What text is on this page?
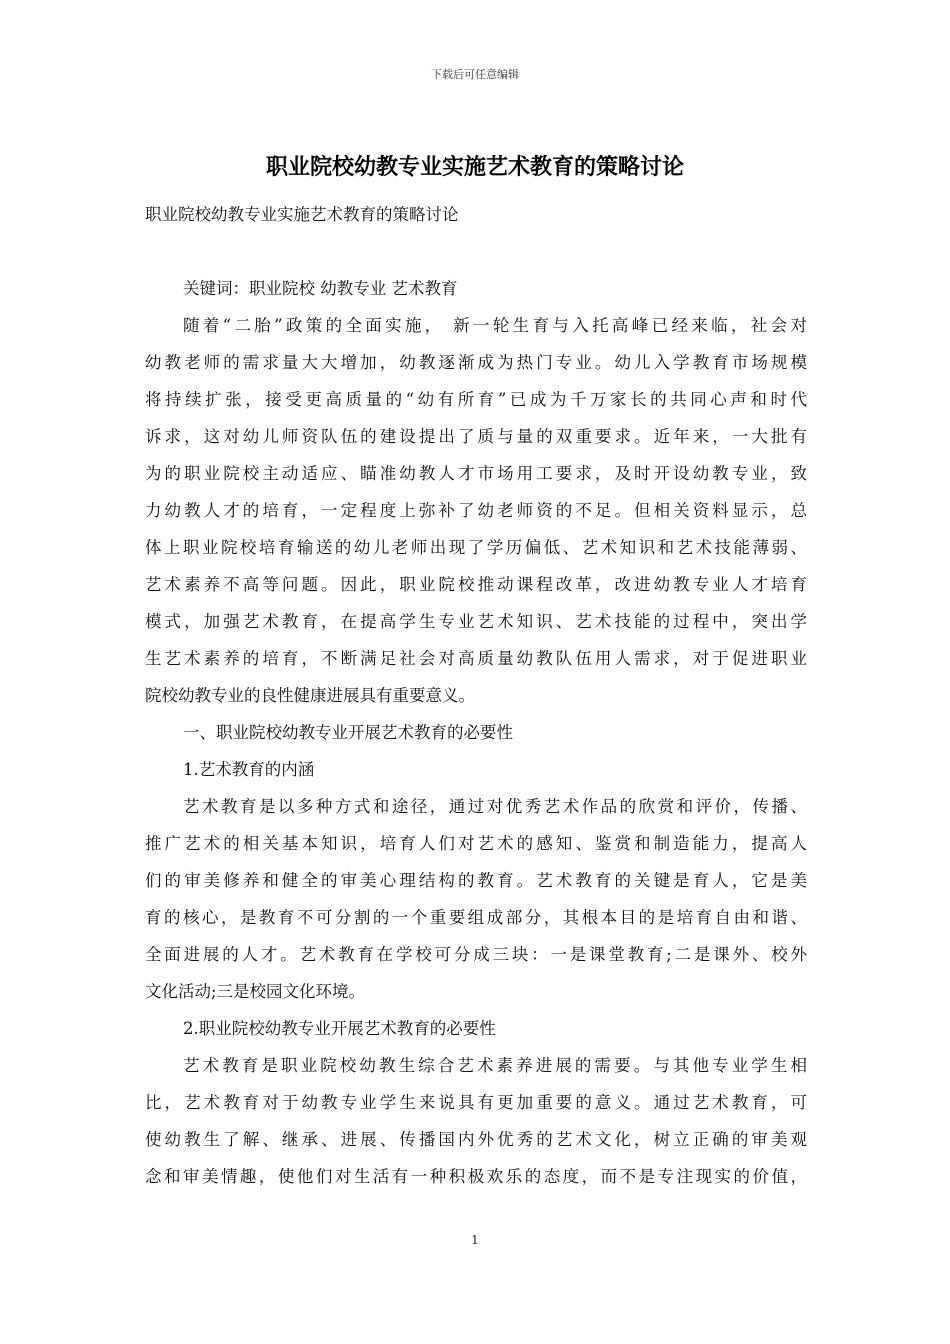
下载后可任意编辑
职业院校幼教专业实施艺术教育的策略讨论
职业院校幼教专业实施艺术教育的策略讨论
关键词：职业院校 幼教专业 艺术教育
随着“二胎”政策的全面实施， 新一轮生育与入托高峰已经来临，社会对
幼教老师的需求量大大增加，幼教逐渐成为热门专业。幼儿入学教育市场规模
将持续扩张，接受更高质量的“幼有所育”已成为千万家长的共同心声和时代
诉求，这对幼儿师资队伍的建设提出了质与量的双重要求。近年来，一大批有
为的职业院校主动适应、瞄准幼教人才市场用工要求，及时开设幼教专业，致
力幼教人才的培育，一定程度上弥补了幼老师资的不足。但相关资料显示，总
体上职业院校培育输送的幼儿老师出现了学历偏低、艺术知识和艺术技能薄弱、
艺术素养不高等问题。因此，职业院校推动课程改革，改进幼教专业人才培育
模式，加强艺术教育，在提高学生专业艺术知识、艺术技能的过程中，突出学
生艺术素养的培育，不断满足社会对高质量幼教队伍用人需求，对于促进职业
院校幼教专业的良性健康进展具有重要意义。
一、职业院校幼教专业开展艺术教育的必要性
1.艺术教育的内涵
艺术教育是以多种方式和途径，通过对优秀艺术作品的欣赏和评价，传播、
推广艺术的相关基本知识，培育人们对艺术的感知、鉴赏和制造能力，提高人
们的审美修养和健全的审美心理结构的教育。艺术教育的关键是育人，它是美
育的核心，是教育不可分割的一个重要组成部分，其根本目的是培育自由和谐、
全面进展的人才。艺术教育在学校可分成三块：一是课堂教育;二是课外、校外
文化活动;三是校园文化环境。
2.职业院校幼教专业开展艺术教育的必要性
艺术教育是职业院校幼教生综合艺术素养进展的需要。与其他专业学生相
比，艺术教育对于幼教专业学生来说具有更加重要的意义。通过艺术教育，可
使幼教生了解、继承、进展、传播国内外优秀的艺术文化，树立正确的审美观
念和审美情趣，使他们对生活有一种积极欢乐的态度，而不是专注现实的价值，
1
